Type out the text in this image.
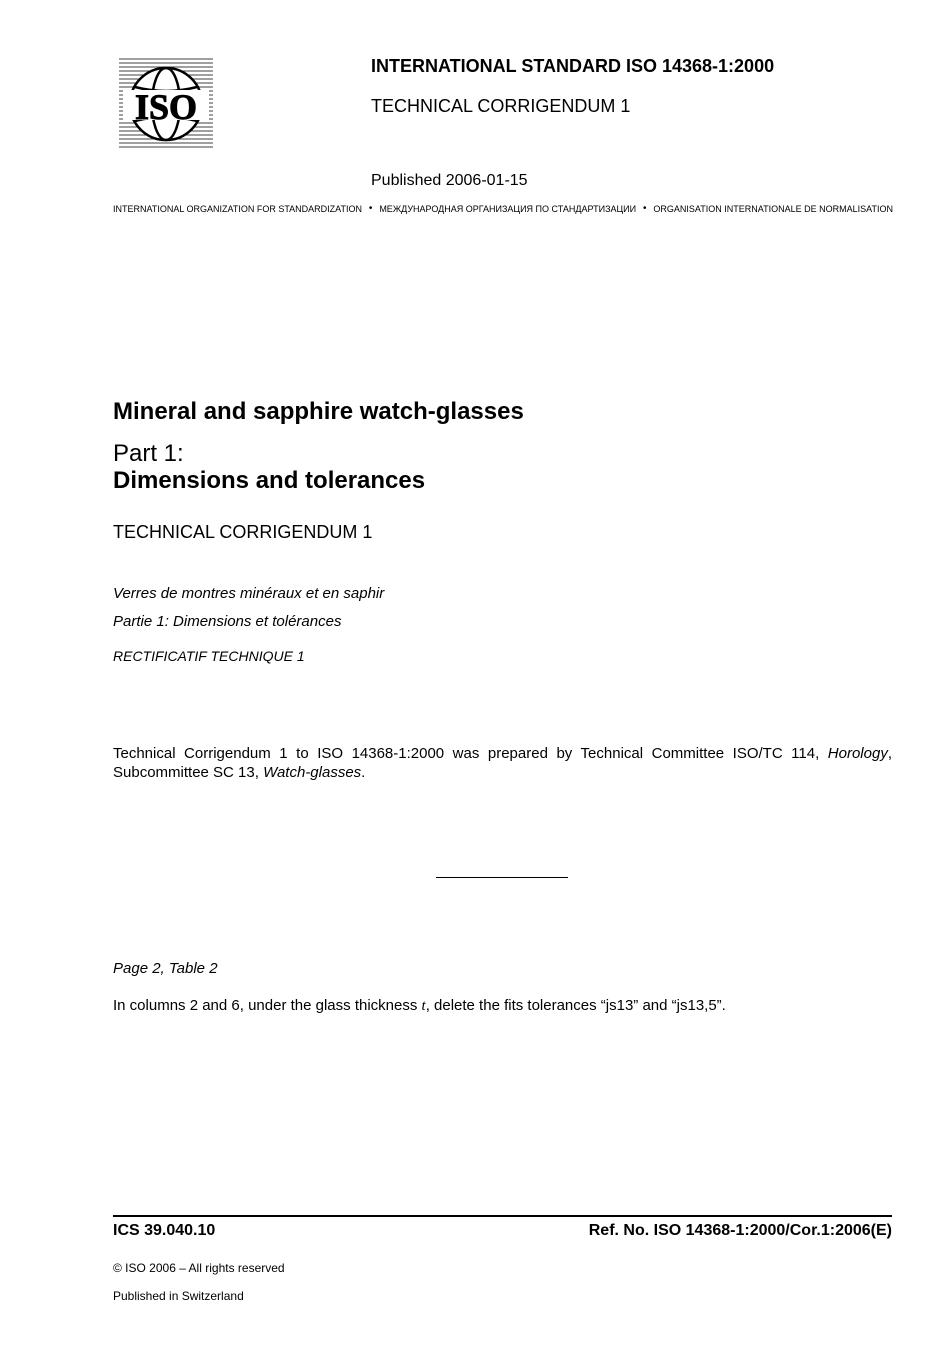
ISO
INTERNATIONAL STANDARD ISO 14368-1:2000
TECHNICAL CORRIGENDUM 1
Published 2006-01-15
INTERNATIONAL ORGANIZATION FOR STANDARDIZATION • МЕЖДУНАРОДНАЯ ОРГАНИЗАЦИЯ ПО СТАНДАРТИЗАЦИИ • ORGANISATION INTERNATIONALE DE NORMALISATION
Mineral and sapphire watch-glasses
Part 1:
Dimensions and tolerances
TECHNICAL CORRIGENDUM 1
Verres de montres minéraux et en saphir
Partie 1: Dimensions et tolérances
RECTIFICATIF TECHNIQUE 1
Technical Corrigendum 1 to ISO 14368-1:2000 was prepared by Technical Committee ISO/TC 114, Horology, Subcommittee SC 13, Watch-glasses.
Page 2, Table 2
In columns 2 and 6, under the glass thickness t, delete the fits tolerances “js13” and “js13,5”.
ICS 39.040.10	Ref. No. ISO 14368-1:2000/Cor.1:2006(E)
© ISO 2006 – All rights reserved
Published in Switzerland
